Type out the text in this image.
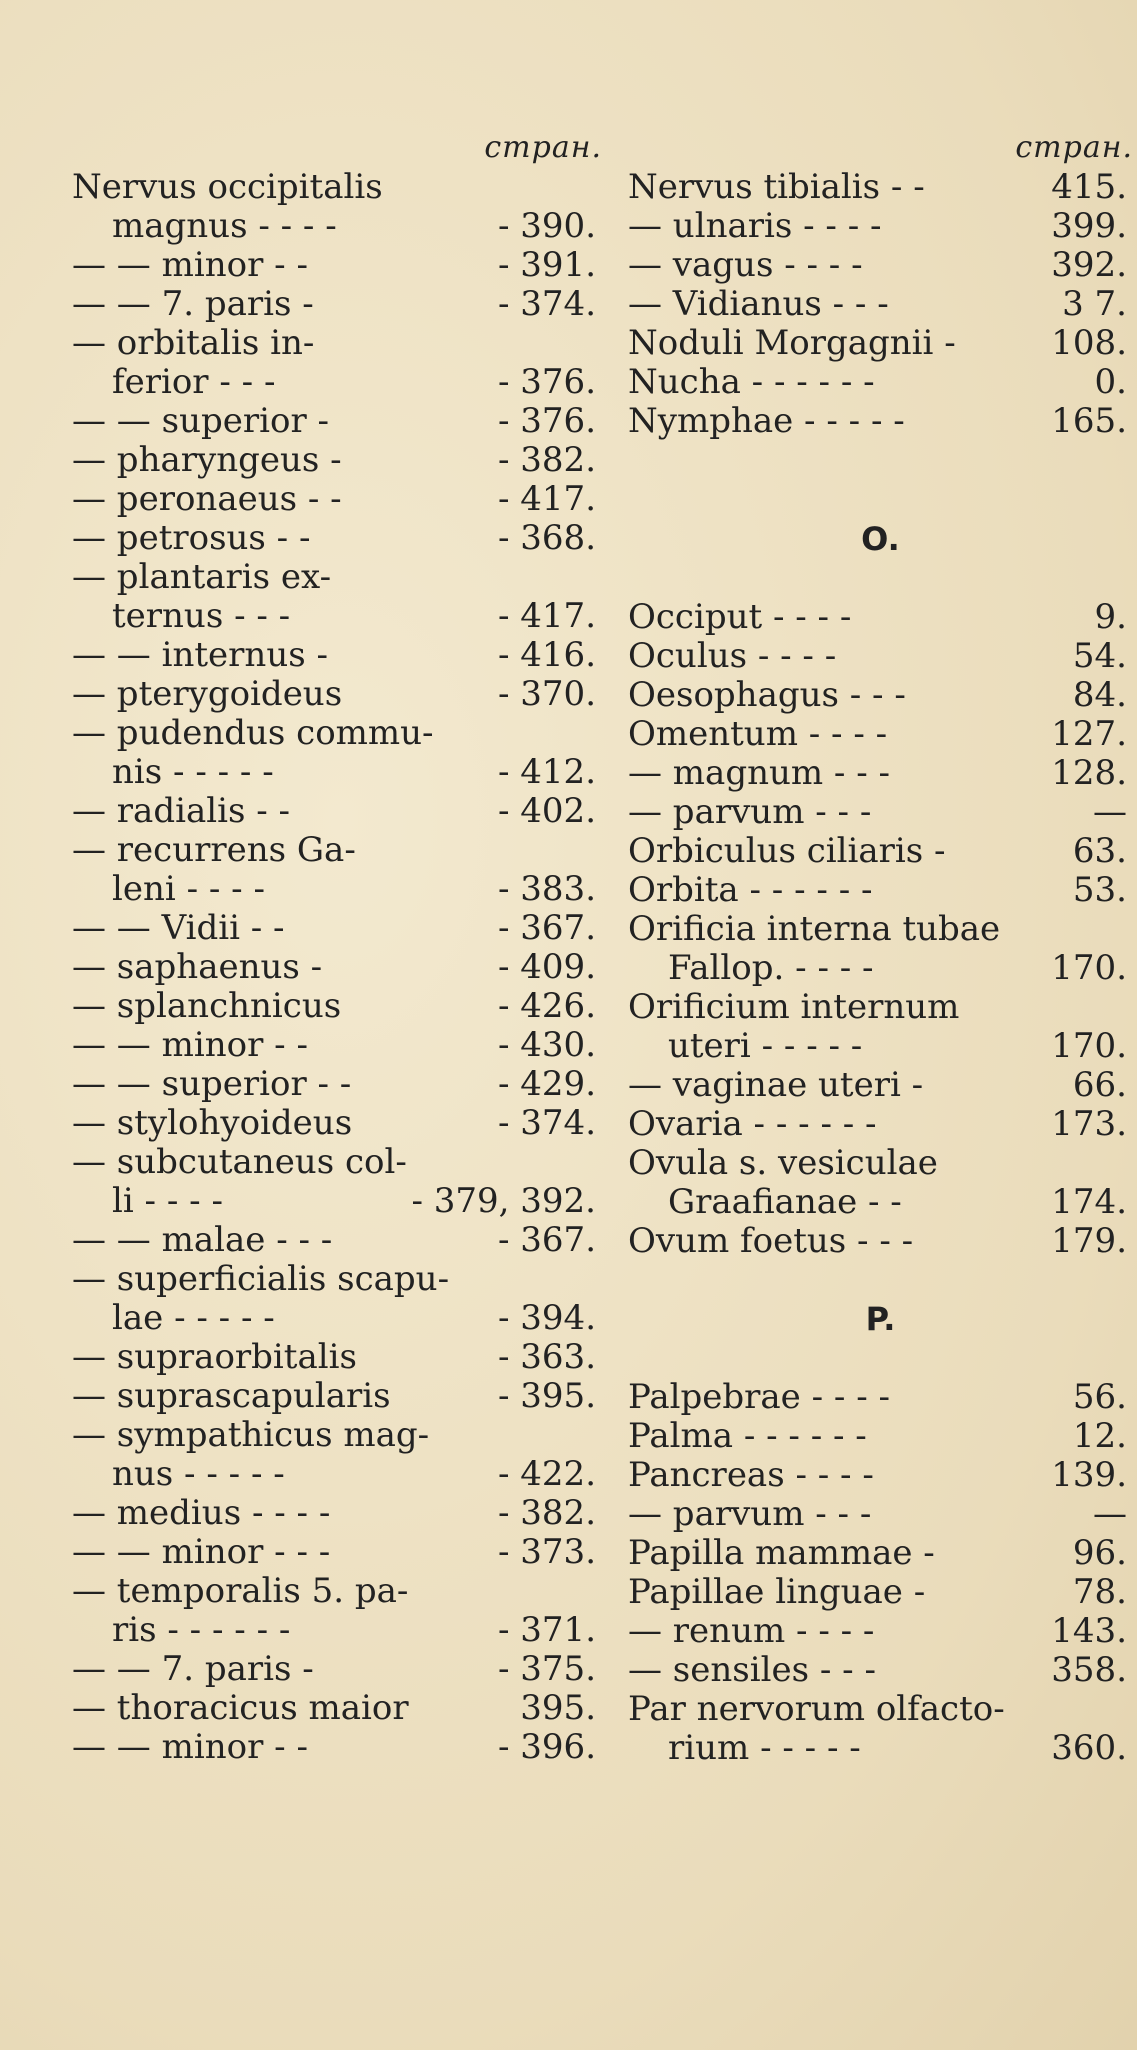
стран.
Nervus occipitalis
magnus - - - -	- 390.
— — minor - -	- 391.
— — 7. paris -	- 374.
— orbitalis in-
ferior - - -	- 376.
— — superior -	- 376.
— pharyngeus -	- 382.
— peronaeus - -	- 417.
— petrosus - -	- 368.
— plantaris ex-
ternus - - -	- 417.
— — internus -	- 416.
— pterygoideus	- 370.
— pudendus commu-
nis - - - - -	- 412.
— radialis - -	- 402.
— recurrens Ga-
leni - - - -	- 383.
— — Vidii - -	- 367.
— saphaenus -	- 409.
— splanchnicus	- 426.
— — minor - -	- 430.
— — superior - -	- 429.
— stylohyoideus	- 374.
— subcutaneus col-
li - - - -	- 379, 392.
— — malae - - -	- 367.
— superficialis scapu-
lae - - - - -	- 394.
— supraorbitalis	- 363.
— suprascapularis	- 395.
— sympathicus mag-
nus - - - - -	- 422.
— medius - - - -	- 382.
— — minor - - -	- 373.
— temporalis 5. pa-
ris - - - - - -	- 371.
— — 7. paris -	- 375.
— thoracicus maior	395.
— — minor - -	- 396.
стран.
Nervus tibialis - -	415.
— ulnaris - - - -	399.
— vagus - - - -	392.
— Vidianus - - -	3 7.
Noduli Morgagnii -	108.
Nucha - - - - - -	0.
Nymphae - - - - -	165.
O.
Occiput - - - -	9.
Oculus - - - -	54.
Oesophagus - - -	84.
Omentum - - - -	127.
— magnum - - -	128.
— parvum - - -	—
Orbiculus ciliaris -	63.
Orbita - - - - - -	53.
Orificia interna tubae
Fallop. - - - -	170.
Orificium internum
uteri - - - - -	170.
— vaginae uteri -	66.
Ovaria - - - - - -	173.
Ovula s. vesiculae
Graafianae - -	174.
Ovum foetus - - -	179.
P.
Palpebrae - - - -	56.
Palma - - - - - -	12.
Pancreas - - - -	139.
— parvum - - -	—
Papilla mammae -	96.
Papillae linguae -	78.
— renum - - - -	143.
— sensiles - - -	358.
Par nervorum olfacto-
rium - - - - -	360.
